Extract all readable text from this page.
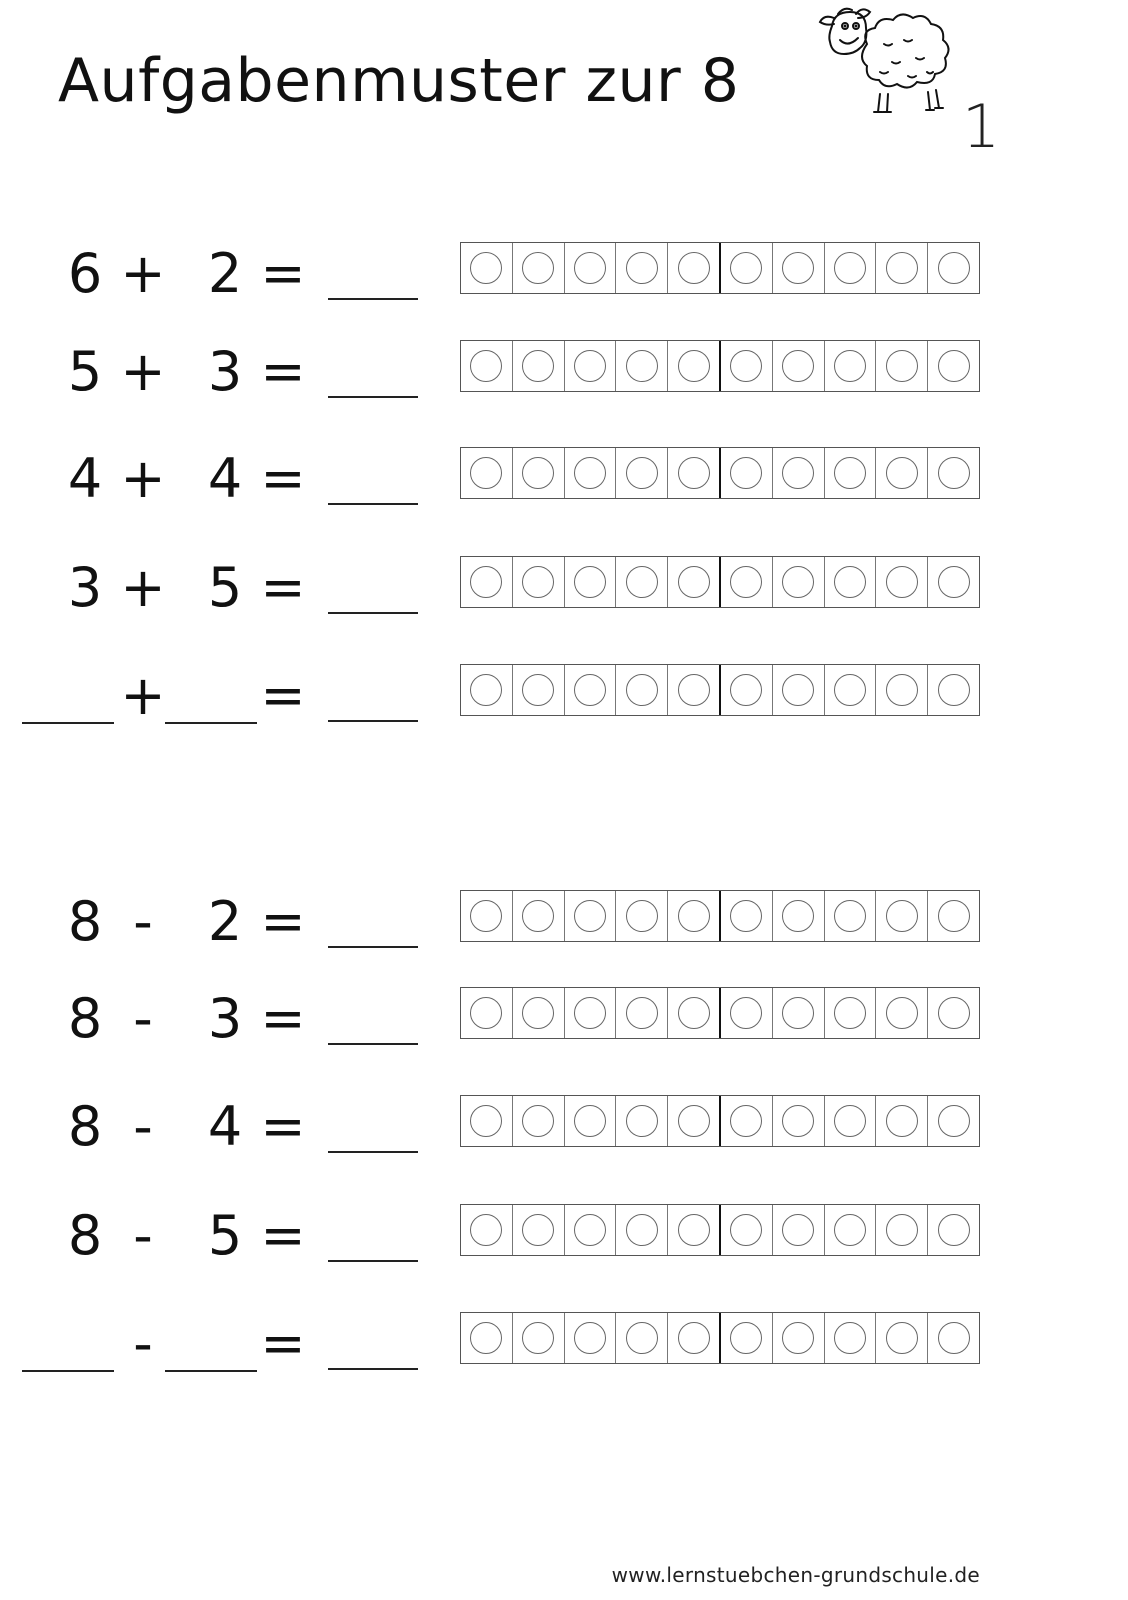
Aufgabenmuster zur 8
1
6 + 2 =
5 + 3 =
4 + 4 =
3 + 5 =
+ =
8 - 2 =
8 - 3 =
8 - 4 =
8 - 5 =
- =
www.lernstuebchen-grundschule.de
